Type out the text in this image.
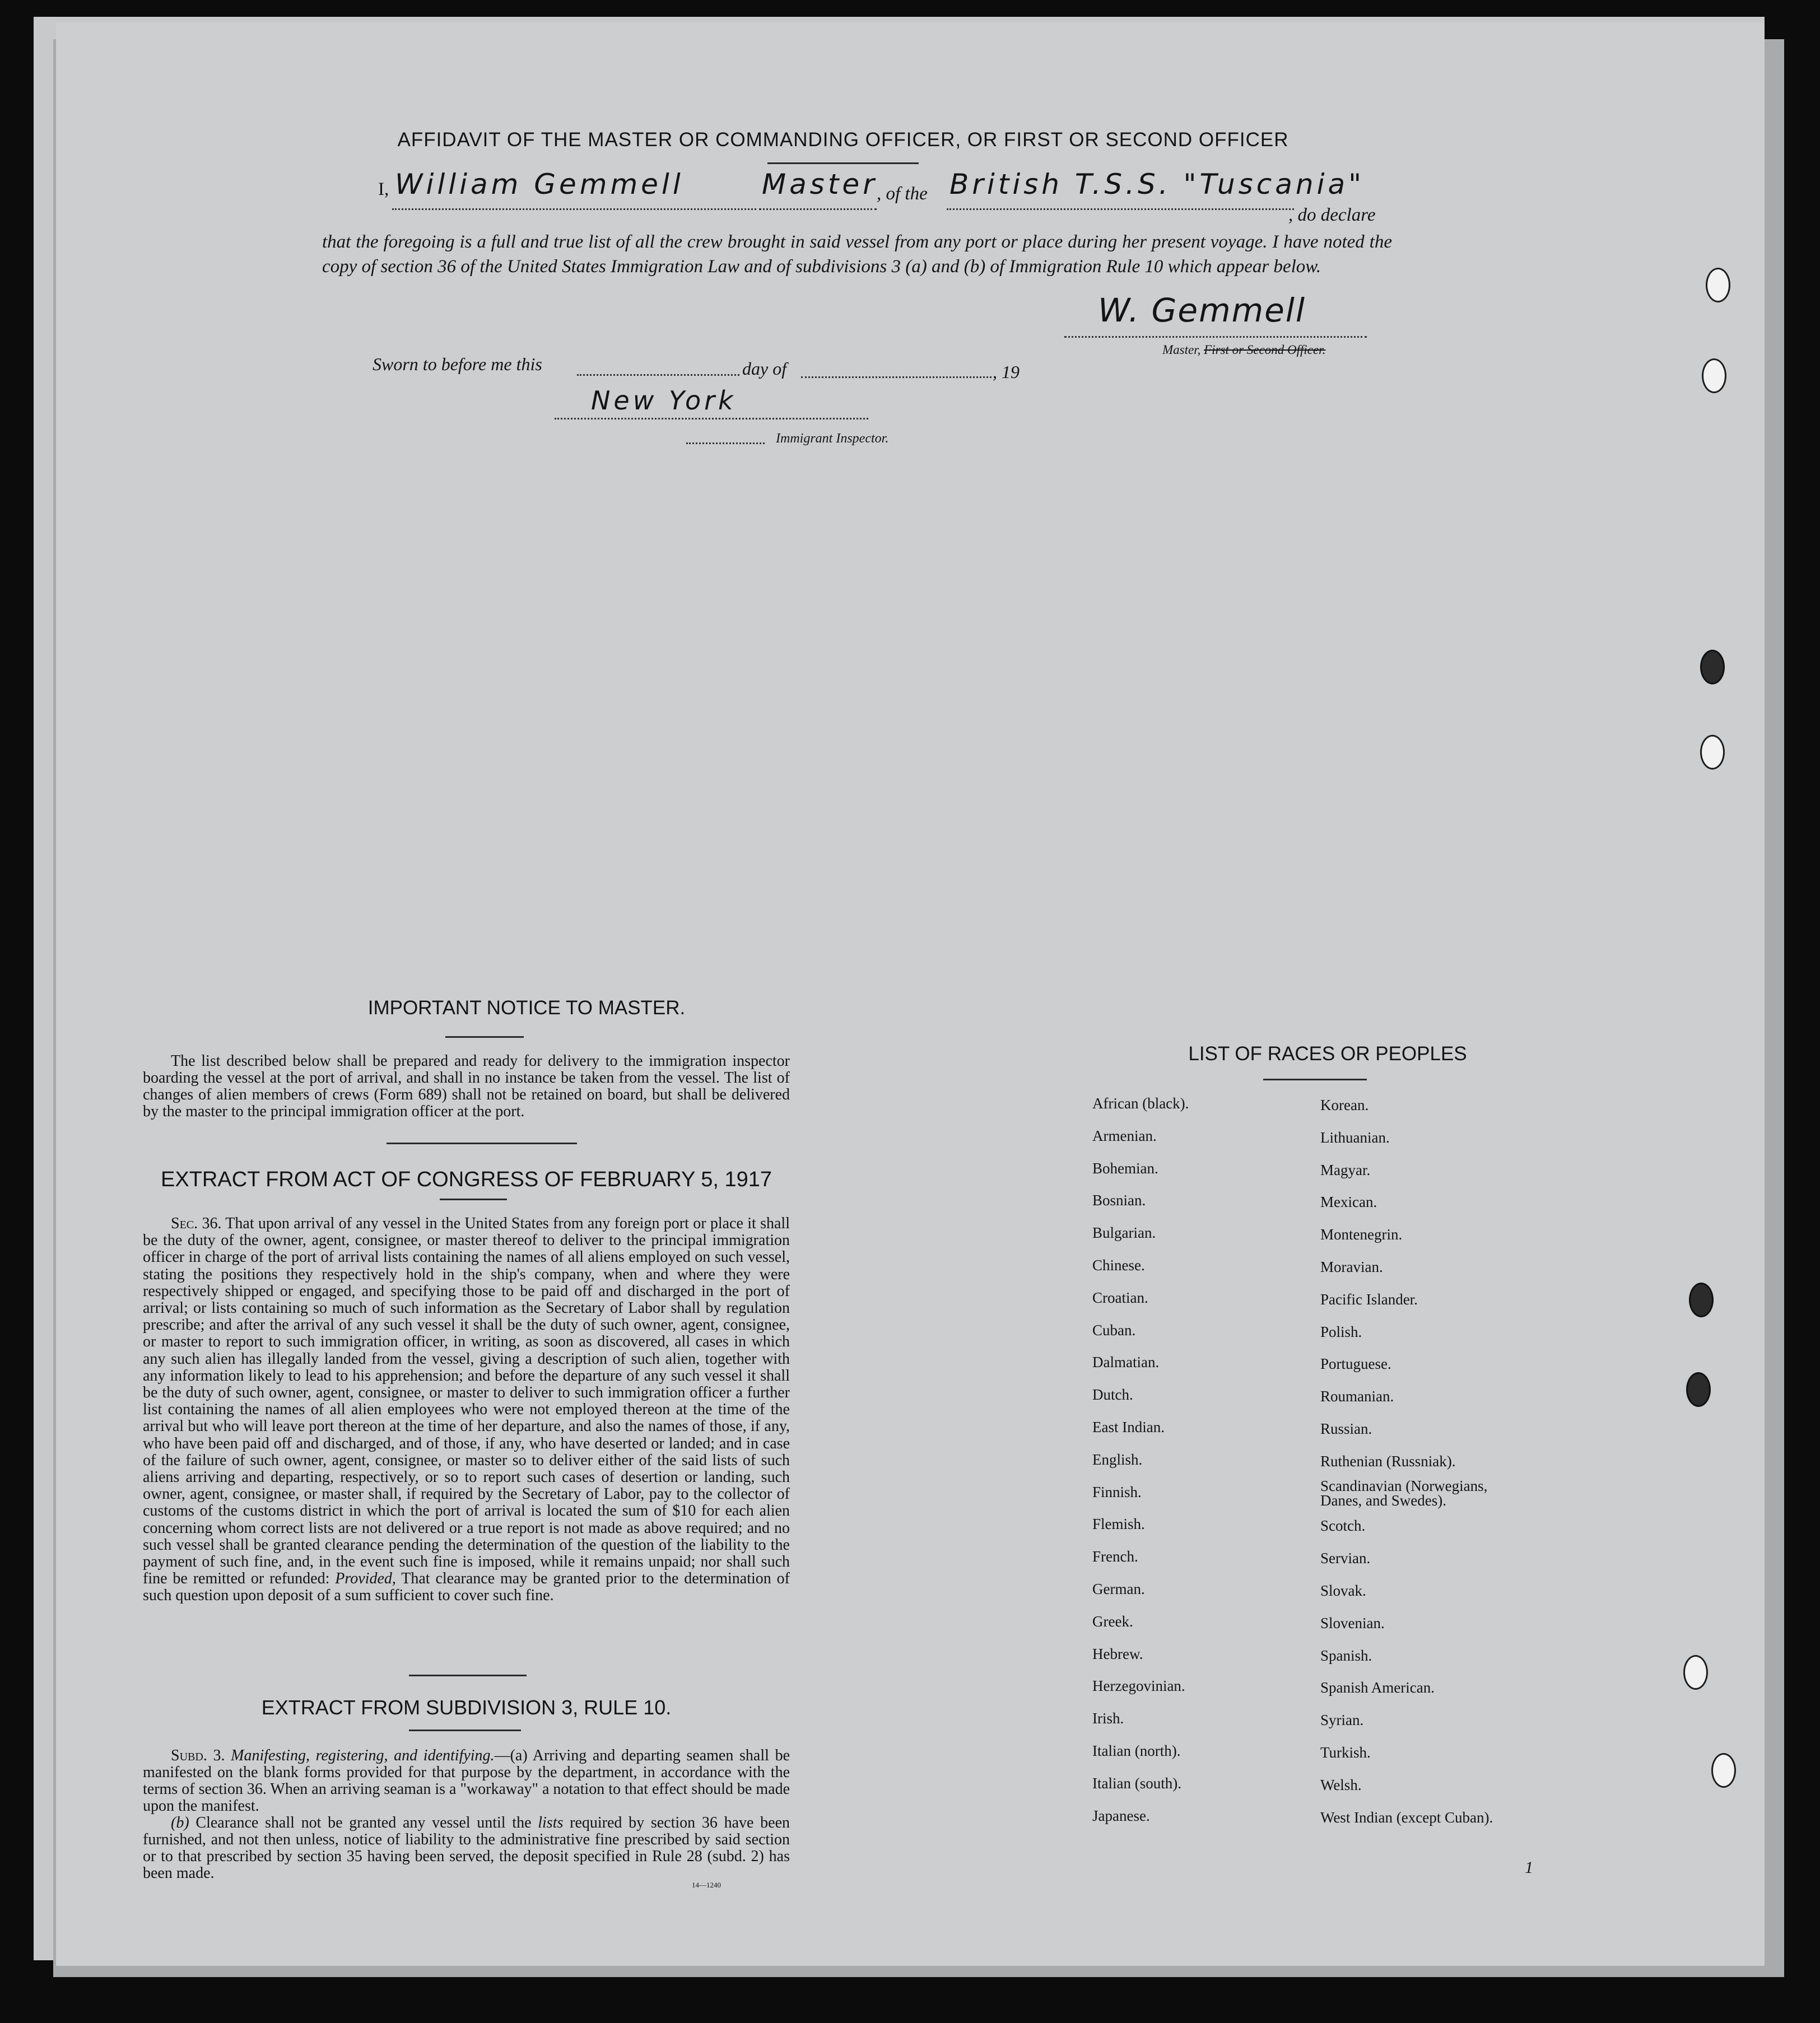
AFFIDAVIT OF THE MASTER OR COMMANDING OFFICER, OR FIRST OR SECOND OFFICER
I, William Gemmell	Master
, of the British T.S.S. "Tuscania"
, do declare
that the foregoing is a full and true list of all the crew brought in said vessel from any port or place during her present voyage. I have noted the copy of section 36 of the United States Immigration Law and of subdivisions 3 (a) and (b) of Immigration Rule 10 which appear below.
W. Gemmell
Master, First or Second Officer.
Sworn to before me this	day of	, 19
New York
Immigrant Inspector.
IMPORTANT NOTICE TO MASTER.
The list described below shall be prepared and ready for delivery to the immigration inspector boarding the vessel at the port of arrival, and shall in no instance be taken from the vessel. The list of changes of alien members of crews (Form 689) shall not be retained on board, but shall be delivered by the master to the principal immigration officer at the port.
EXTRACT FROM ACT OF CONGRESS OF FEBRUARY 5, 1917
Sec. 36. That upon arrival of any vessel in the United States from any foreign port or place it shall be the duty of the owner, agent, consignee, or master thereof to deliver to the principal immigration officer in charge of the port of arrival lists containing the names of all aliens employed on such vessel, stating the positions they respectively hold in the ship's company, when and where they were respectively shipped or engaged, and specifying those to be paid off and discharged in the port of arrival; or lists containing so much of such information as the Secretary of Labor shall by regulation prescribe; and after the arrival of any such vessel it shall be the duty of such owner, agent, consignee, or master to report to such immigration officer, in writing, as soon as discovered, all cases in which any such alien has illegally landed from the vessel, giving a description of such alien, together with any information likely to lead to his apprehension; and before the departure of any such vessel it shall be the duty of such owner, agent, consignee, or master to deliver to such immigration officer a further list containing the names of all alien employees who were not employed thereon at the time of the arrival but who will leave port thereon at the time of her departure, and also the names of those, if any, who have been paid off and discharged, and of those, if any, who have deserted or landed; and in case of the failure of such owner, agent, consignee, or master so to deliver either of the said lists of such aliens arriving and departing, respectively, or so to report such cases of desertion or landing, such owner, agent, consignee, or master shall, if required by the Secretary of Labor, pay to the collector of customs of the customs district in which the port of arrival is located the sum of $10 for each alien concerning whom correct lists are not delivered or a true report is not made as above required; and no such vessel shall be granted clearance pending the determination of the question of the liability to the payment of such fine, and, in the event such fine is imposed, while it remains unpaid; nor shall such fine be remitted or refunded: Provided, That clearance may be granted prior to the determination of such question upon deposit of a sum sufficient to cover such fine.
EXTRACT FROM SUBDIVISION 3, RULE 10.

Subd. 3. Manifesting, registering, and identifying.—(a) Arriving and departing seamen shall be manifested on the blank forms provided for that purpose by the department, in accordance with the terms of section 36. When an arriving seaman is a "workaway" a notation to that effect should be made upon the manifest.

(b) Clearance shall not be granted any vessel until the lists required by section 36 have been furnished, and not then unless, notice of liability to the administrative fine prescribed by said section or to that prescribed by section 35 having been served, the deposit specified in Rule 28 (subd. 2) has been made.

14—1240
LIST OF RACES OR PEOPLES
African (black).
Armenian.
Bohemian.
Bosnian.
Bulgarian.
Chinese.
Croatian.
Cuban.
Dalmatian.
Dutch.
East Indian.
English.
Finnish.
Flemish.
French.
German.
Greek.
Hebrew.
Herzegovinian.
Irish.
Italian (north).
Italian (south).
Japanese.
Korean.
Lithuanian.
Magyar.
Mexican.
Montenegrin.
Moravian.
Pacific Islander.
Polish.
Portuguese.
Roumanian.
Russian.
Ruthenian (Russniak).
Scandinavian (Norwegians, Danes, and Swedes).
Scotch.
Servian.
Slovak.
Slovenian.
Spanish.
Spanish American.
Syrian.
Turkish.
Welsh.
West Indian (except Cuban).
1
